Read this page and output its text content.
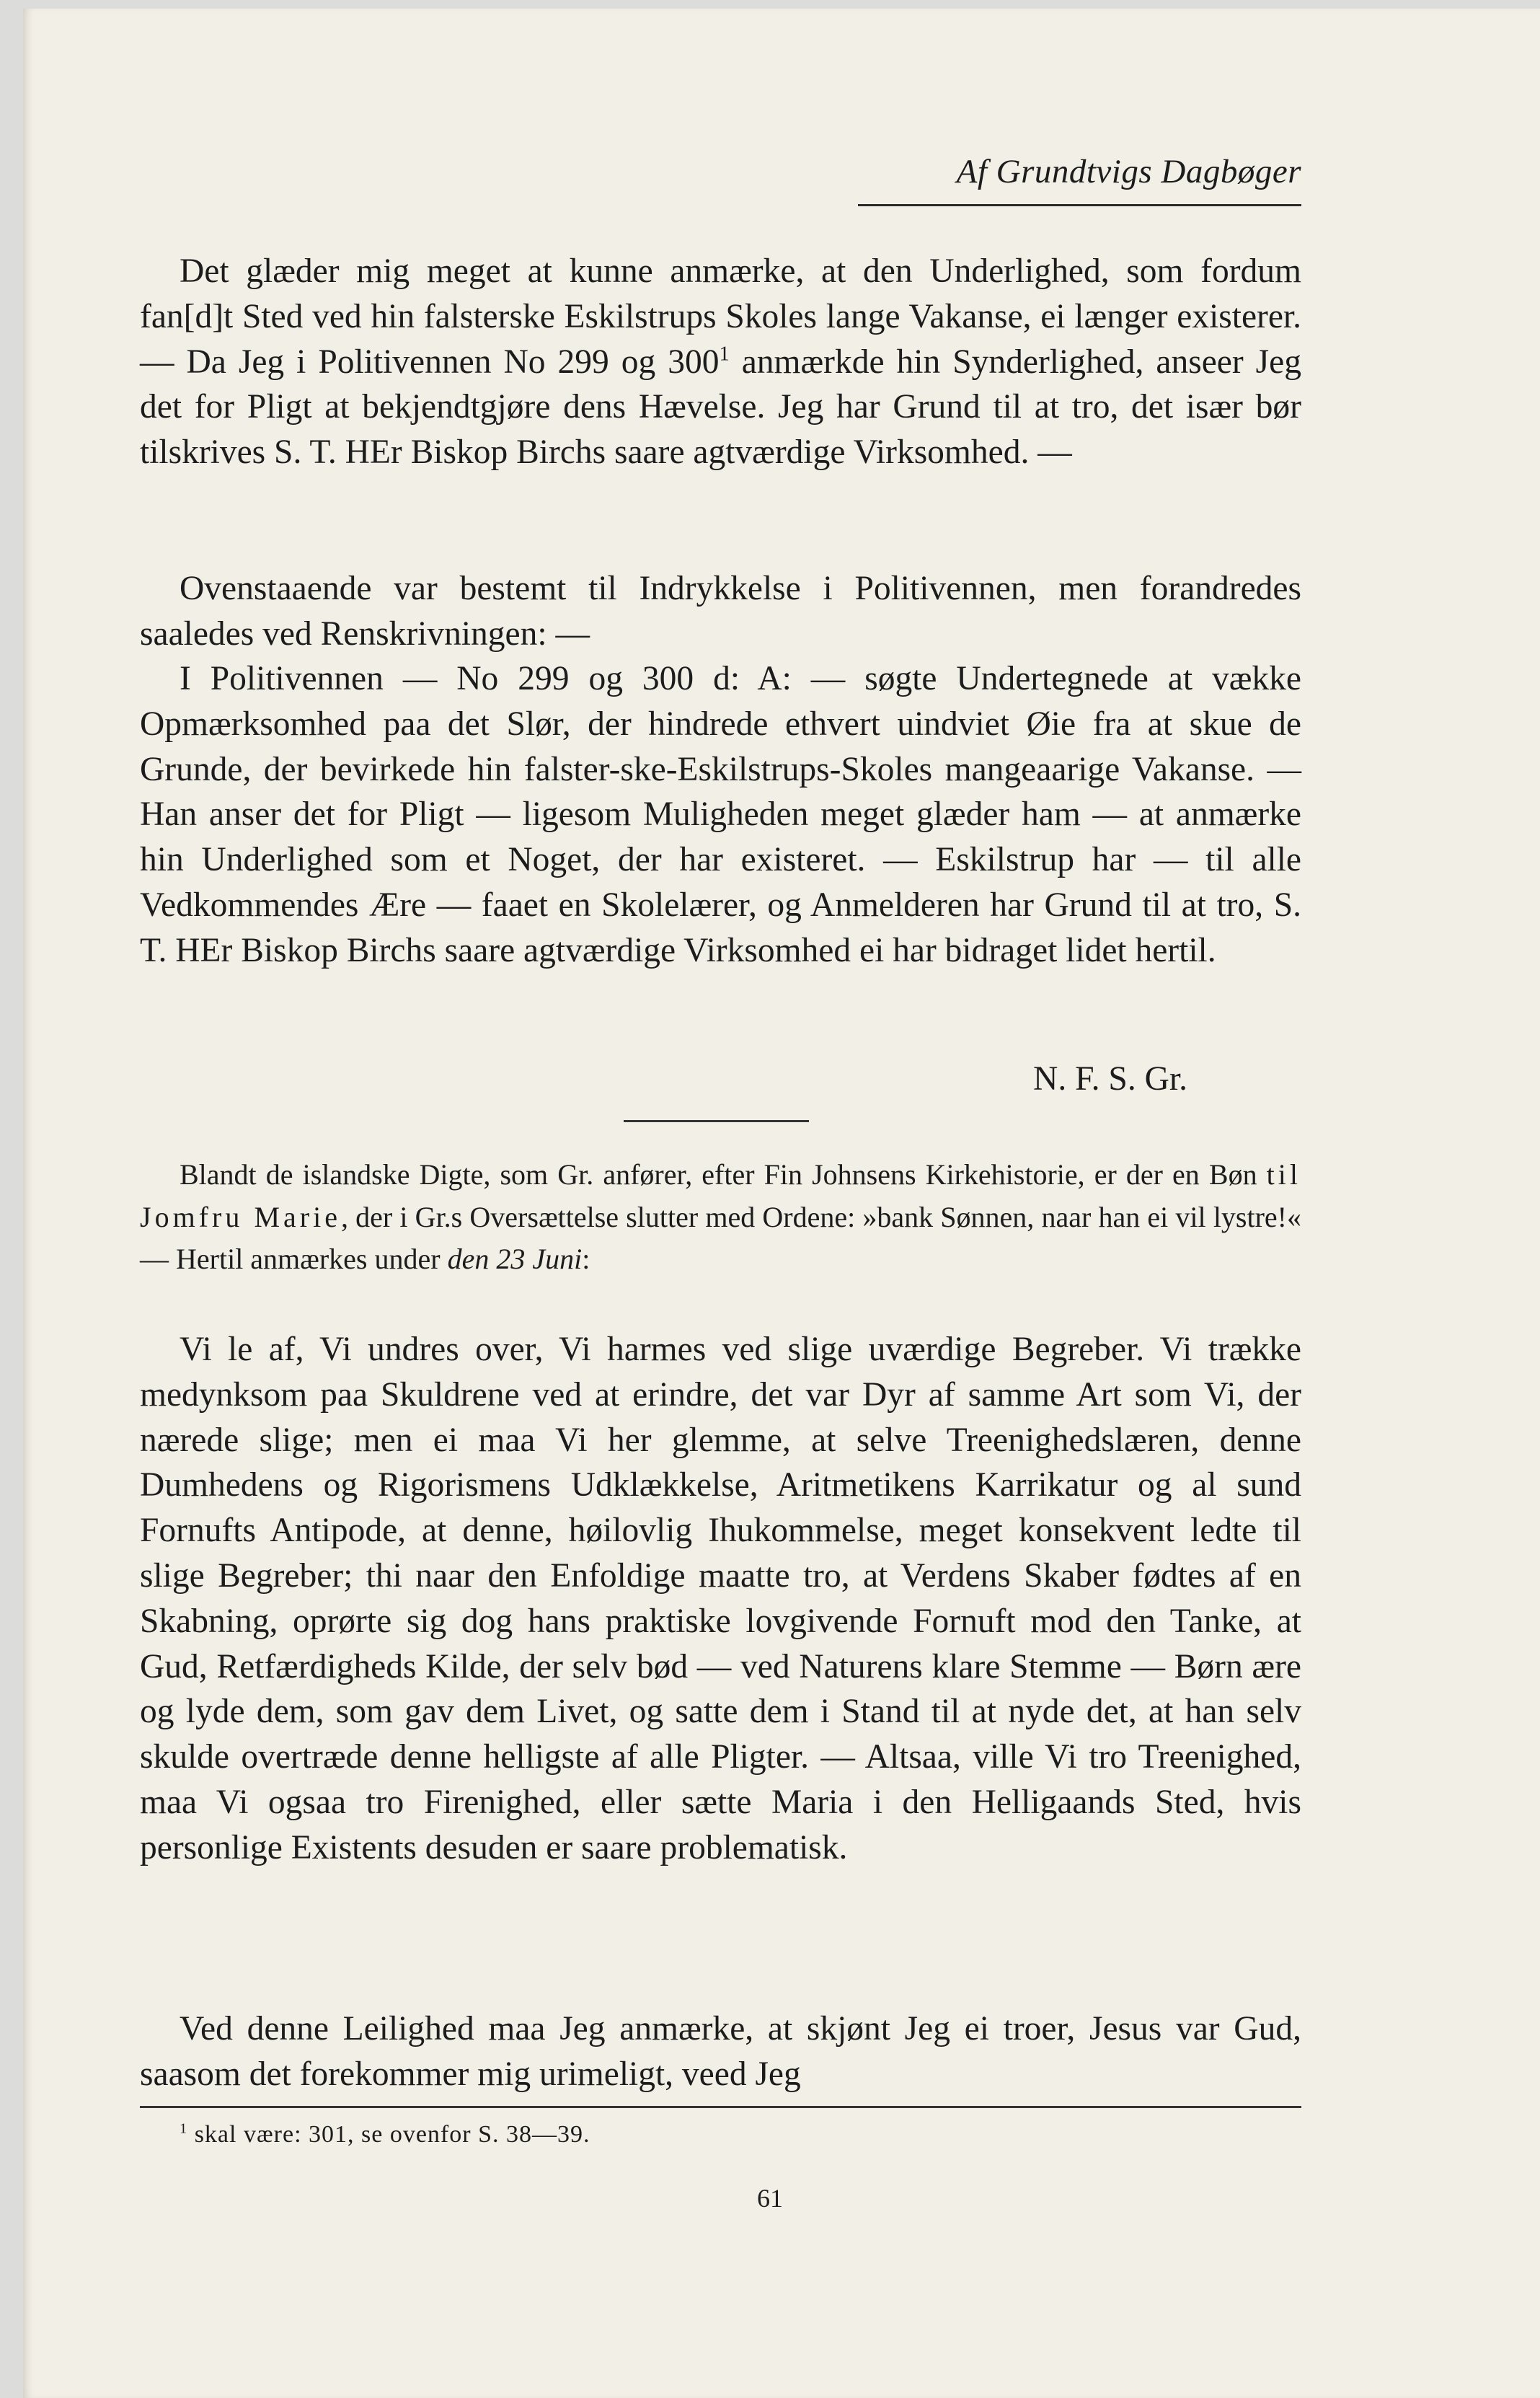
Af Grundtvigs Dagbøger

Det glæder mig meget at kunne anmærke, at den Underlighed, som fordum fan[d]t Sted ved hin falsterske Eskilstrups Skoles lange Vakanse, ei længer existerer. — Da Jeg i Politivennen No 299 og $300^1$ anmærkde hin Synderlighed, anseer Jeg det for Pligt at bekjendtgjøre dens Hævelse. Jeg har Grund til at tro, det især bør tilskrives S. T. HEr Biskop Birchs saare agtværdige Virksomhed. —

Ovenstaaende var bestemt til Indrykkelse i Politivennen, men forandredes saaledes ved Renskrivningen: —

I Politivennen — No 299 og 300 d: A: — søgte Undertegnede at vække Opmærksomhed paa det Slør, der hindrede ethvert uindviet Øie fra at skue de Grunde, der bevirkede hin falster-ske-Eskilstrups-Skoles mangeaarige Vakanse. — Han anser det for Pligt — ligesom Muligheden meget glæder ham — at anmærke hin Underlighed som et Noget, der har existeret. — Eskilstrup har — til alle Vedkommendes Ære — faaet en Skolelærer, og Anmelderen har Grund til at tro, S. T. HEr Biskop Birchs saare agtværdige Virksomhed ei har bidraget lidet hertil.

N. F. S. Gr.

Blandt de islandske Digte, som Gr. anfører, efter Fin Johnsens Kirkehistorie, er der en Bøn til Jomfru Marie, der i Gr.s Oversættelse slutter med Ordene: »bank Sønnen, naar han ei vil lystre!« — Hertil anmærkes under den 23 Juni:

Vi le af, Vi undres over, Vi harmes ved slige uværdige Begreber. Vi trække medynksom paa Skuldrene ved at erindre, det var Dyr af samme Art som Vi, der nærede slige; men ei maa Vi her glemme, at selve Treenighedslæren, denne Dumhedens og Rigorismens Udklækkelse, Aritmetikens Karrikatur og al sund Fornufts Antipode, at denne, høilovlig Ihukommelse, meget konsekvent ledte til slige Begreber; thi naar den Enfoldige maatte tro, at Verdens Skaber fødtes af en Skabning, oprørte sig dog hans praktiske lovgivende Fornuft mod den Tanke, at Gud, Retfærdigheds Kilde, der selv bød — ved Naturens klare Stemme — Børn ære og lyde dem, som gav dem Livet, og satte dem i Stand til at nyde det, at han selv skulde overtræde denne helligste af alle Pligter. — Altsaa, ville Vi tro Treenighed, maa Vi ogsaa tro Firenighed, eller sætte Maria i den Helligaands Sted, hvis personlige Existents desuden er saare problematisk.

Ved denne Leilighed maa Jeg anmærke, at skjønt Jeg ei troer, Jesus var Gud, saasom det forekommer mig urimeligt, veed Jeg

$^1$ skal være: 301, se ovenfor S. 38—39.
61
